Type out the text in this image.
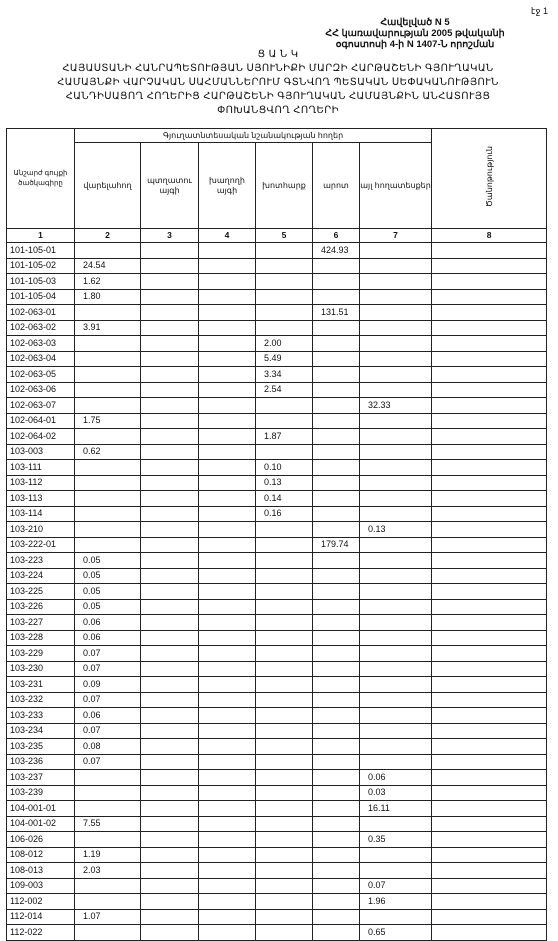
էջ 1
Հավելված N 5
ՀՀ կառավարության 2005 թվականի
օգոստոսի 4-ի N 1407-Ն որոշման
Ց Ա Ն Կ
ՀԱՅԱՍՏԱՆԻ ՀԱՆՐԱՊԵՏՈՒԹՅԱՆ ՍՅՈՒՆԻՔԻ ՄԱՐԶԻ ՀԱՐԹԱՇԵՆԻ ԳՅՈՒՂԱԿԱՆ
ՀԱՄԱՅՆՔԻ ՎԱՐՉԱԿԱՆ ՍԱՀՄԱՆՆԵՐՈՒՄ ԳՏՆՎՈՂ ՊԵՏԱԿԱՆ ՍԵՓԱԿԱՆՈՒԹՅՈՒՆ
ՀԱՆԴԻՍԱՑՈՂ ՀՈՂԵՐԻՑ ՀԱՐԹԱՇԵՆԻ ԳՅՈՒՂԱԿԱՆ ՀԱՄԱՅՆՔԻՆ ԱՆՀԱՏՈՒՅՑ
ՓՈԽԱՆՑՎՈՂ ՀՈՂԵՐԻ
Անշարժ գույքի ծածկագիրը	Գյուղատնտեսական նշանակության հողեր						Ծանոթություն
	վարելահող	պտղատու այգի	խաղողի այգի	խոտհարք	արոտ	այլ հողատեսքեր	
1	2	3	4	5	6	7	8
101-105-01					424.93		
101-105-02	24.54						
101-105-03	1.62						
101-105-04	1.80						
102-063-01					131.51		
102-063-02	3.91						
102-063-03				2.00			
102-063-04				5.49			
102-063-05				3.34			
102-063-06				2.54			
102-063-07						32.33	
102-064-01	1.75						
102-064-02				1.87			
103-003	0.62						
103-111				0.10			
103-112				0.13			
103-113				0.14			
103-114				0.16			
103-210						0.13	
103-222-01					179.74		
103-223	0.05						
103-224	0.05						
103-225	0.05						
103-226	0.05						
103-227	0.06						
103-228	0.06						
103-229	0.07						
103-230	0.07						
103-231	0.09						
103-232	0.07						
103-233	0.06						
103-234	0.07						
103-235	0.08						
103-236	0.07						
103-237						0.06	
103-239						0.03	
104-001-01						16.11	
104-001-02	7.55						
106-026						0.35	
108-012	1.19						
108-013	2.03						
109-003						0.07	
112-002						1.96	
112-014	1.07						
112-022						0.65	
